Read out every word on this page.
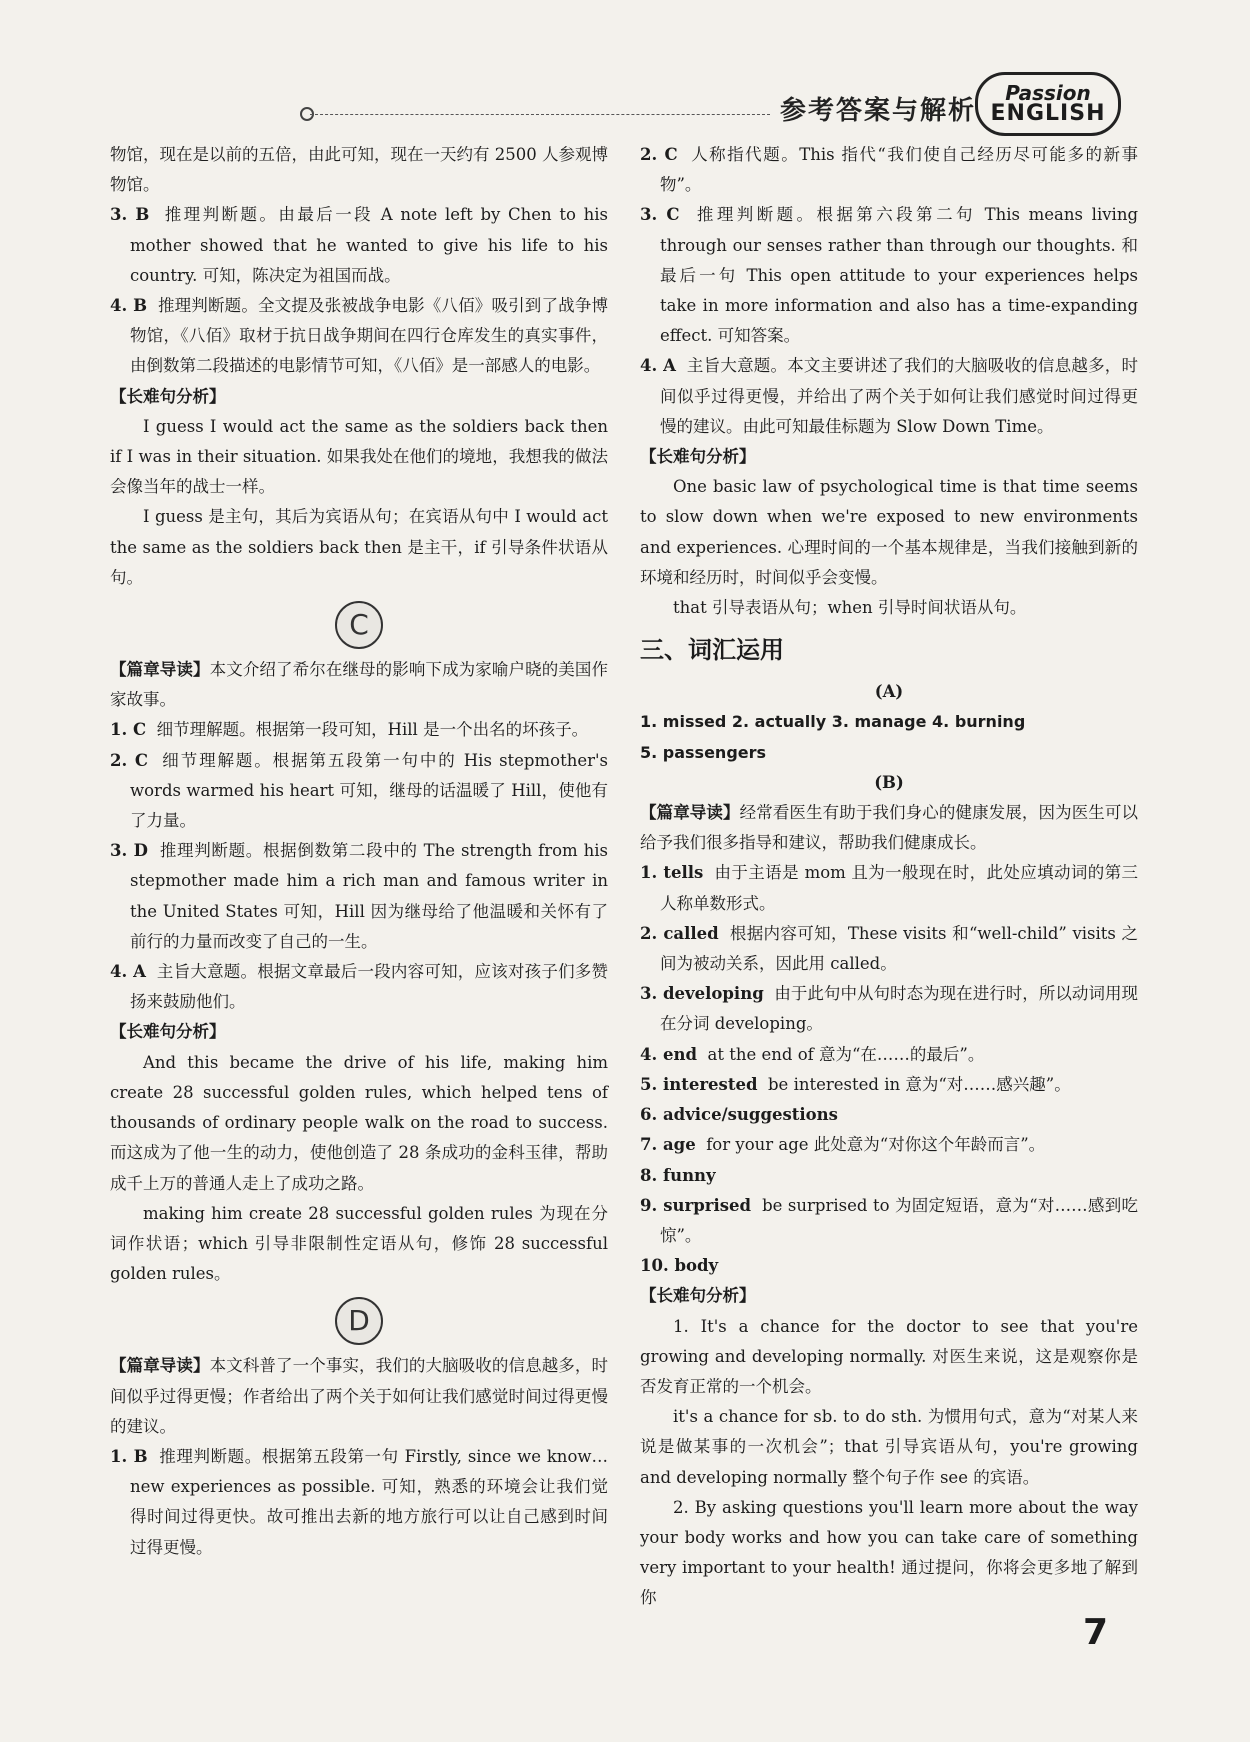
参考答案与解析
Passion
ENGLISH

物馆，现在是以前的五倍，由此可知，现在一天约有 2500 人参观博物馆。

3. B 推理判断题。由最后一段 A note left by Chen to his mother showed that he wanted to give his life to his country. 可知，陈决定为祖国而战。

4. B 推理判断题。全文提及张被战争电影《八佰》吸引到了战争博物馆，《八佰》取材于抗日战争期间在四行仓库发生的真实事件，由倒数第二段描述的电影情节可知，《八佰》是一部感人的电影。

【长难句分析】

I guess I would act the same as the soldiers back then if I was in their situation. 如果我处在他们的境地，我想我的做法会像当年的战士一样。

I guess 是主句，其后为宾语从句；在宾语从句中 I would act the same as the soldiers back then 是主干，if 引导条件状语从句。

C

【篇章导读】本文介绍了希尔在继母的影响下成为家喻户晓的美国作家故事。

1. C 细节理解题。根据第一段可知，Hill 是一个出名的坏孩子。

2. C 细节理解题。根据第五段第一句中的 His stepmother's words warmed his heart 可知，继母的话温暖了 Hill，使他有了力量。

3. D 推理判断题。根据倒数第二段中的 The strength from his stepmother made him a rich man and famous writer in the United States 可知，Hill 因为继母给了他温暖和关怀有了前行的力量而改变了自己的一生。

4. A 主旨大意题。根据文章最后一段内容可知，应该对孩子们多赞扬来鼓励他们。

【长难句分析】

And this became the drive of his life, making him create 28 successful golden rules, which helped tens of thousands of ordinary people walk on the road to success. 而这成为了他一生的动力，使他创造了 28 条成功的金科玉律，帮助成千上万的普通人走上了成功之路。

making him create 28 successful golden rules 为现在分词作状语；which 引导非限制性定语从句，修饰 28 successful golden rules。

D

【篇章导读】本文科普了一个事实，我们的大脑吸收的信息越多，时间似乎过得更慢；作者给出了两个关于如何让我们感觉时间过得更慢的建议。

1. B 推理判断题。根据第五段第一句 Firstly, since we know…new experiences as possible. 可知，熟悉的环境会让我们觉得时间过得更快。故可推出去新的地方旅行可以让自己感到时间过得更慢。

2. C 人称指代题。This 指代“我们使自己经历尽可能多的新事物”。

3. C 推理判断题。根据第六段第二句 This means living through our senses rather than through our thoughts. 和最后一句 This open attitude to your experiences helps take in more information and also has a time-expanding effect. 可知答案。

4. A 主旨大意题。本文主要讲述了我们的大脑吸收的信息越多，时间似乎过得更慢，并给出了两个关于如何让我们感觉时间过得更慢的建议。由此可知最佳标题为 Slow Down Time。

【长难句分析】

One basic law of psychological time is that time seems to slow down when we're exposed to new environments and experiences. 心理时间的一个基本规律是，当我们接触到新的环境和经历时，时间似乎会变慢。

that 引导表语从句；when 引导时间状语从句。

三、词汇运用

(A)

1. missed 2. actually 3. manage 4. burning

5. passengers

(B)

【篇章导读】经常看医生有助于我们身心的健康发展，因为医生可以给予我们很多指导和建议，帮助我们健康成长。

1. tells 由于主语是 mom 且为一般现在时，此处应填动词的第三人称单数形式。

2. called 根据内容可知，These visits 和“well-child” visits 之间为被动关系，因此用 called。

3. developing 由于此句中从句时态为现在进行时，所以动词用现在分词 developing。

4. end at the end of 意为“在……的最后”。

5. interested be interested in 意为“对……感兴趣”。

6. advice/suggestions

7. age for your age 此处意为“对你这个年龄而言”。

8. funny

9. surprised be surprised to 为固定短语，意为“对……感到吃惊”。

10. body

【长难句分析】

1. It's a chance for the doctor to see that you're growing and developing normally. 对医生来说，这是观察你是否发育正常的一个机会。

it's a chance for sb. to do sth. 为惯用句式，意为“对某人来说是做某事的一次机会”；that 引导宾语从句，you're growing and developing normally 整个句子作 see 的宾语。

2. By asking questions you'll learn more about the way your body works and how you can take care of something very important to your health! 通过提问，你将会更多地了解到你

7
